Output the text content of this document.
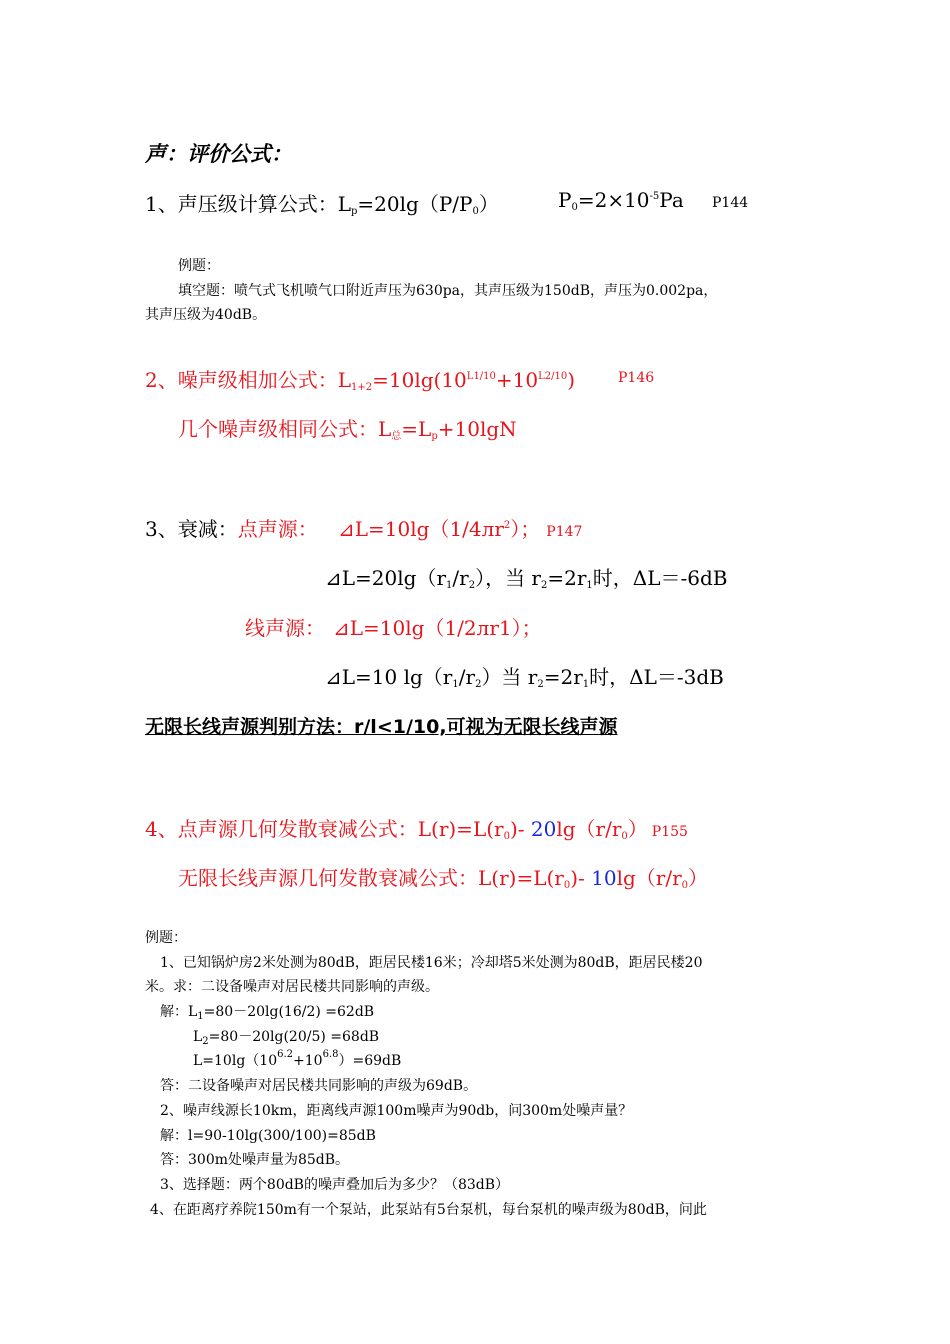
声：评价公式：
1、声压级计算公式：$L_p=20\lg(P/P_0)$	$P_0=2\times 10^{-5}Pa$ P144
例题：
填空题：喷气式飞机喷气口附近声压为630pa，其声压级为150dB，声压为0.002pa，
其声压级为40dB。
2、噪声级相加公式：$L_{1+2}=10\lg(10^{L1/10}+10^{L2/10})$	P146
几个噪声级相同公式：$L_总=L_p+10\lg N$
3、衰减：点声源： $⊿L=10\lg(1/4лr^2)$； P147
$⊿L=20\lg(r_1/r_2)$，当 $r_2=2r_1$时，ΔL＝-6dB
线声源： ⊿L=10lg（1/2лr1）；
⊿L=10 $\lg(r_1/r_2)$当 $r_2=2r_1$时，ΔL＝-3dB
无限长线声源判别方法：r/l<1/10,可视为无限长线声源
4、点声源几何发散衰减公式：$L(r)=L(r_0)-$ $20\lg(r/r_0)$ P155
无限长线声源几何发散衰减公式：$L(r)=L(r_0)-$ $10\lg(r/r_0)$
例题：
1、已知锅炉房2米处测为80dB，距居民楼16米；冷却塔5米处测为80dB，距居民楼20
米。求：二设备噪声对居民楼共同影响的声级。
解：$L_1=80-20\lg(16/2) =62dB$
$L_2=80-20\lg(20/5) =68dB$
$L=10\lg(10^{6.2}+10^{6.8})=69dB$
答：二设备噪声对居民楼共同影响的声级为69dB。
2、噪声线源长10km，距离线声源100m噪声为90db，问300m处噪声量？
解：l=90-10lg(300/100)=85dB
答：300m处噪声量为85dB。
3、选择题：两个80dB的噪声叠加后为多少？（83dB）
4、在距离疗养院150m有一个泵站，此泵站有5台泵机，每台泵机的噪声级为80dB，问此
